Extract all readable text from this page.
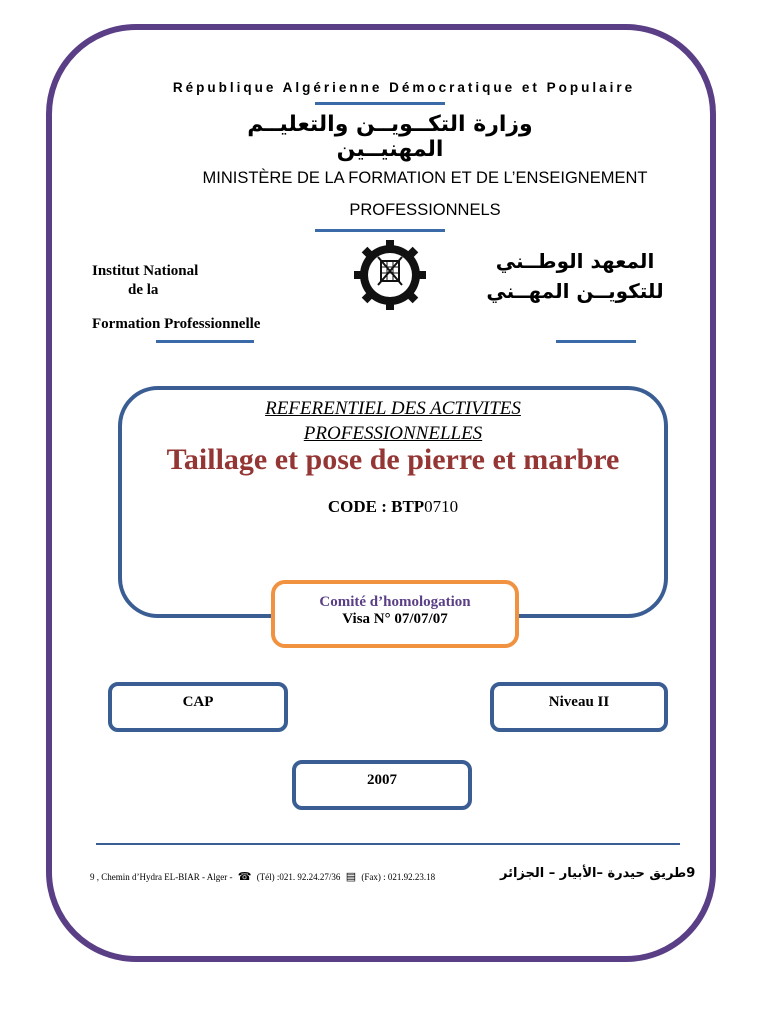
République Algérienne Démocratique et Populaire
وزارة التكــويــن والتعليــم المهنيــين
MINISTÈRE DE LA FORMATION ET DE L’ENSEIGNEMENT PROFESSIONNELS
Institut National
de la
Formation Professionnelle
المعهد الوطــني
للتكويــن المهــني
REFERENTIEL DES ACTIVITES
PROFESSIONNELLES
Taillage et pose de pierre et marbre
CODE : BTP0710
Comité d’homologation
Visa N° 07/07/07
CAP	Niveau II
2007
9 , Chemin d’Hydra EL-BIAR - Alger - ☎ (Tél) :021. 92.24.27/36 ▤ (Fax) : 021.92.23.18	9طريق حيدرة –الأبيار – الجزائر
